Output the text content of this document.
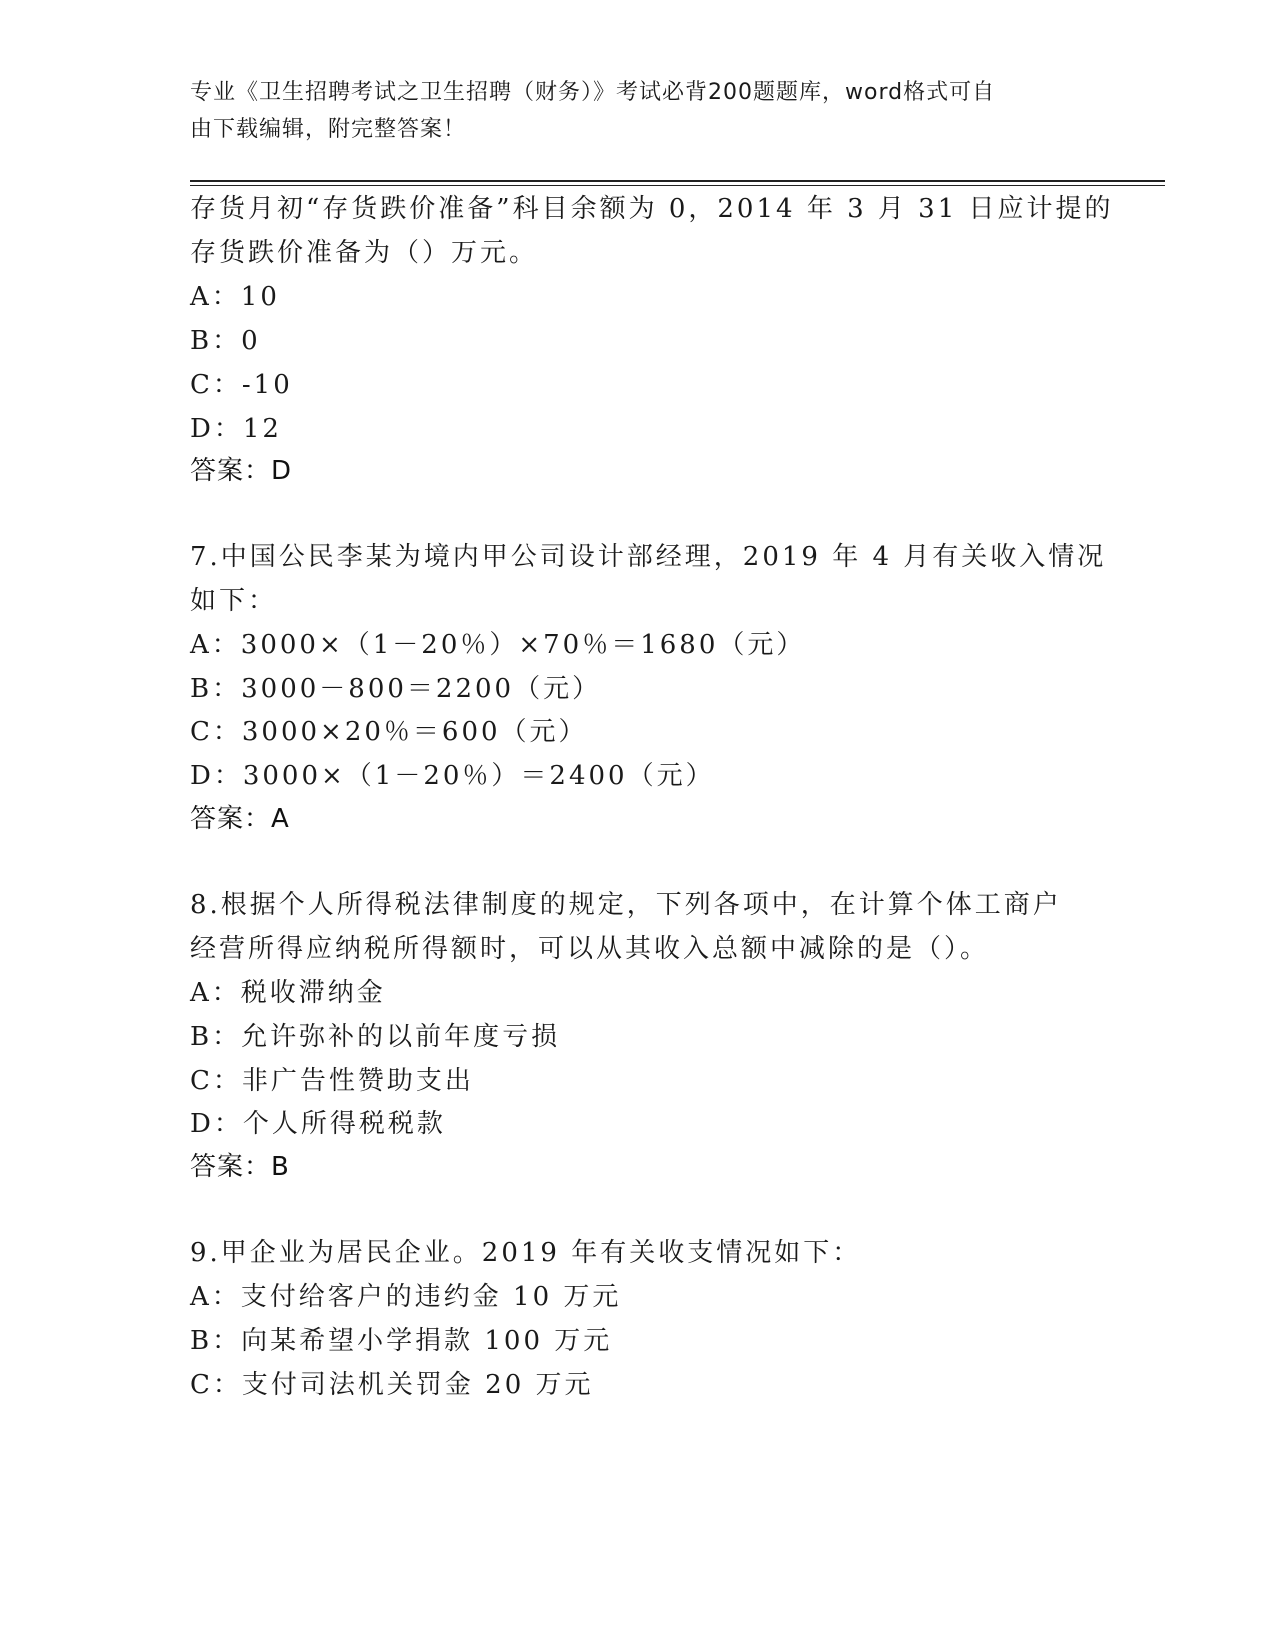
专业《卫生招聘考试之卫生招聘（财务）》考试必背200题题库，word格式可自
由下载编辑，附完整答案！
存货月初“存货跌价准备”科目余额为 0，2014 年 3 月 31 日应计提的
存货跌价准备为（）万元。
A：10
B：0
C：-10
D：12
答案：D
7.中国公民李某为境内甲公司设计部经理，2019 年 4 月有关收入情况
如下：
A：3000×（1－20％）×70％＝1680（元）
B：3000－800＝2200（元）
C：3000×20％＝600（元）
D：3000×（1－20％）＝2400（元）
答案：A
8.根据个人所得税法律制度的规定，下列各项中，在计算个体工商户
经营所得应纳税所得额时，可以从其收入总额中减除的是（）。
A：税收滞纳金
B：允许弥补的以前年度亏损
C：非广告性赞助支出
D：个人所得税税款
答案：B
9.甲企业为居民企业。2019 年有关收支情况如下：
A：支付给客户的违约金 10 万元
B：向某希望小学捐款 100 万元
C：支付司法机关罚金 20 万元
